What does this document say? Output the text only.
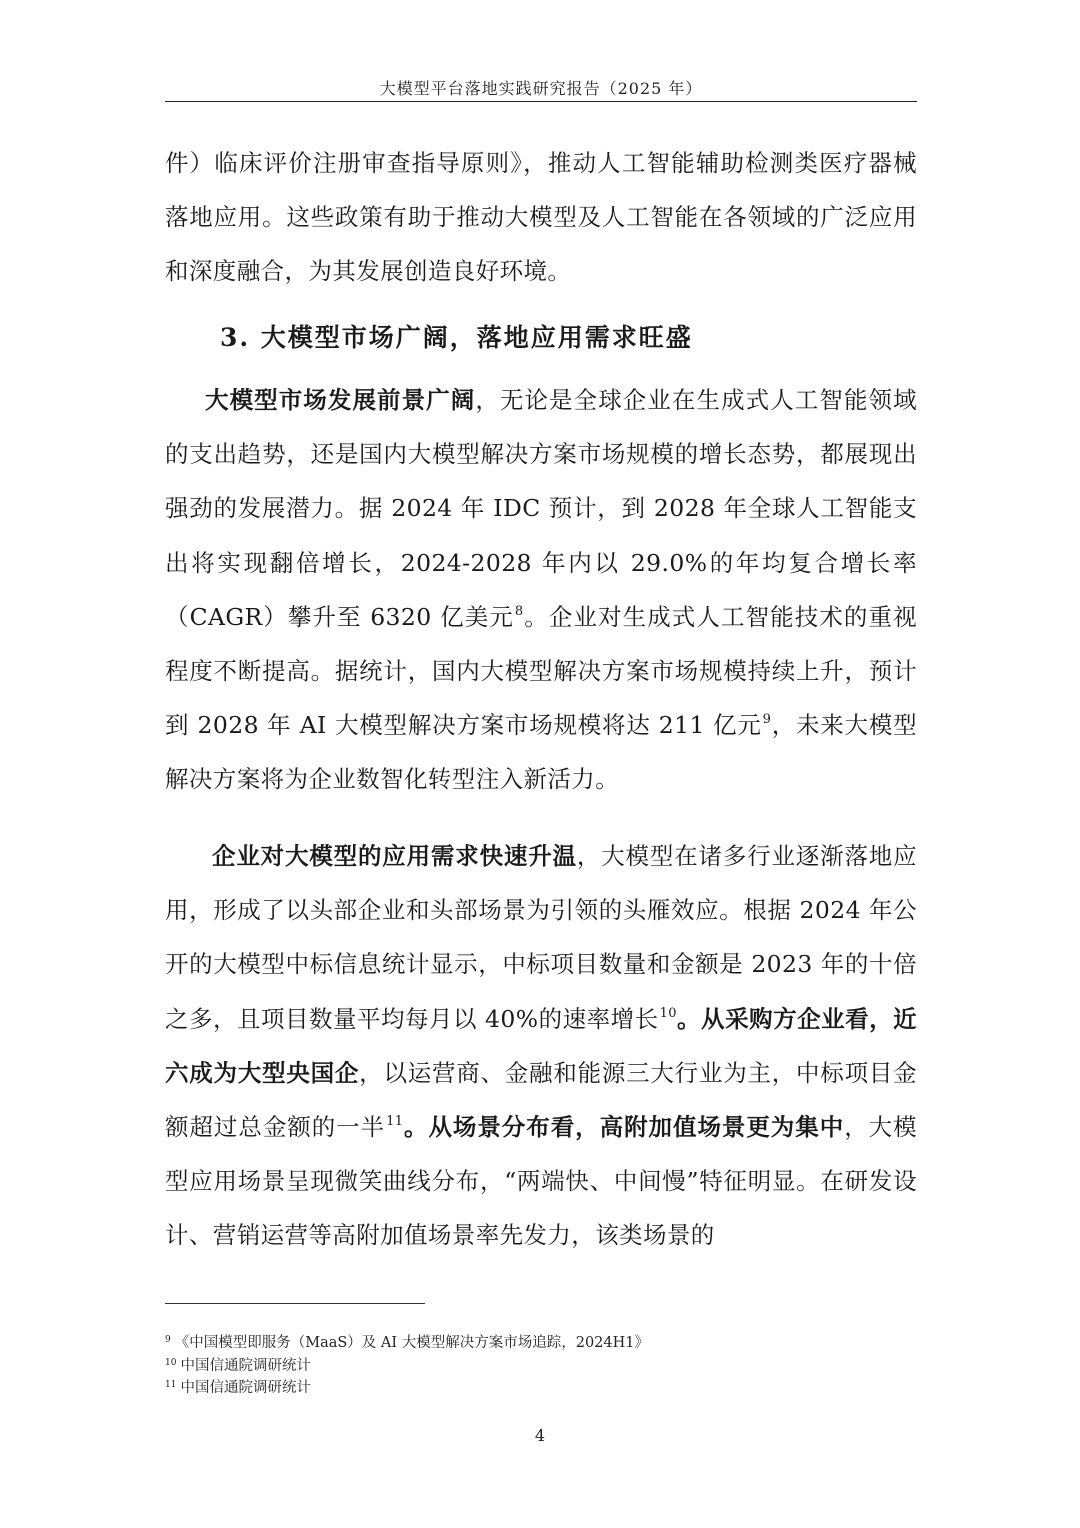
大模型平台落地实践研究报告（2025 年）

件）临床评价注册审查指导原则》，推动人工智能辅助检测类医疗器械落地应用。这些政策有助于推动大模型及人工智能在各领域的广泛应用和深度融合，为其发展创造良好环境。

3. 大模型市场广阔，落地应用需求旺盛

大模型市场发展前景广阔，无论是全球企业在生成式人工智能领域的支出趋势，还是国内大模型解决方案市场规模的增长态势，都展现出强劲的发展潜力。据 2024 年 IDC 预计，到 2028 年全球人工智能支出将实现翻倍增长，2024-2028 年内以 29.0%的年均复合增长率（CAGR）攀升至 6320 亿美元$^8$。企业对生成式人工智能技术的重视程度不断提高。据统计，国内大模型解决方案市场规模持续上升，预计到 2028 年 AI 大模型解决方案市场规模将达 211 亿元$^9$，未来大模型解决方案将为企业数智化转型注入新活力。

企业对大模型的应用需求快速升温，大模型在诸多行业逐渐落地应用，形成了以头部企业和头部场景为引领的头雁效应。根据 2024 年公开的大模型中标信息统计显示，中标项目数量和金额是 2023 年的十倍之多，且项目数量平均每月以 40%的速率增长$^{10}$。从采购方企业看，近六成为大型央国企，以运营商、金融和能源三大行业为主，中标项目金额超过总金额的一半$^{11}$。从场景分布看，高附加值场景更为集中，大模型应用场景呈现微笑曲线分布，“两端快、中间慢”特征明显。在研发设计、营销运营等高附加值场景率先发力，该类场景的

$^9$ 《中国模型即服务（MaaS）及 AI 大模型解决方案市场追踪，2024H1》
$^{10}$ 中国信通院调研统计
$^{11}$ 中国信通院调研统计
4
